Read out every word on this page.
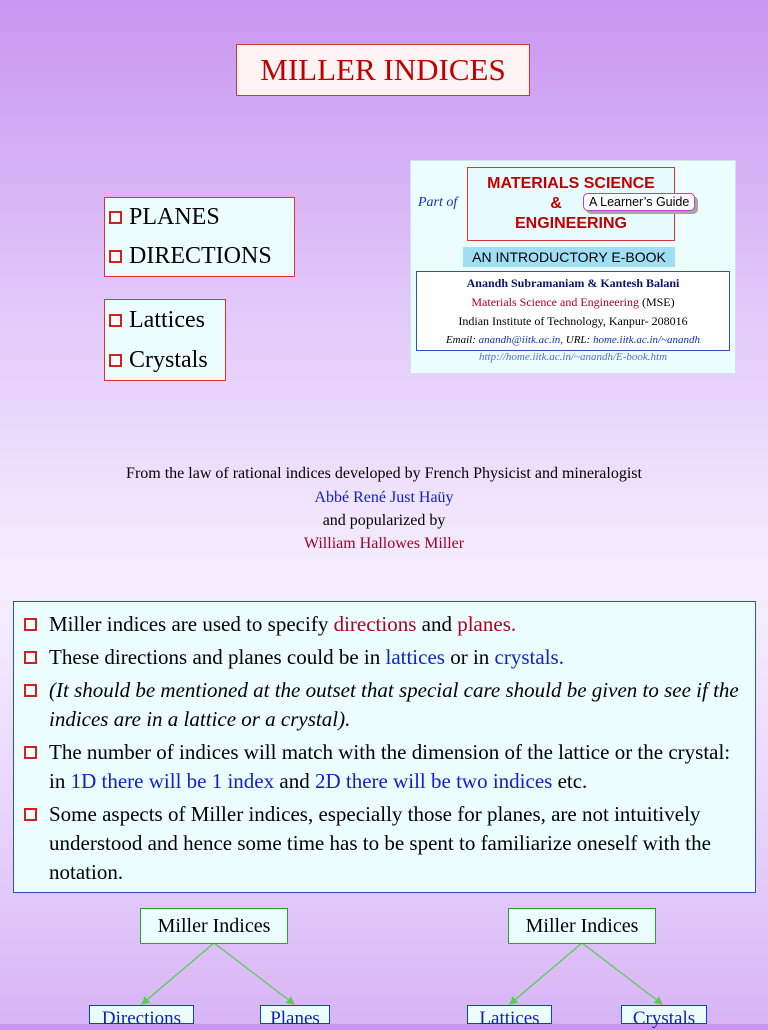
MILLER INDICES
PLANES
DIRECTIONS
Lattices
Crystals
Part of
MATERIALS SCIENCE
&
ENGINEERING
A Learner’s Guide
AN INTRODUCTORY E-BOOK
Anandh Subramaniam & Kantesh Balani
Materials Science and Engineering (MSE)
Indian Institute of Technology, Kanpur- 208016
Email: anandh@iitk.ac.in, URL: home.iitk.ac.in/~anandh
http://home.iitk.ac.in/~anandh/E-book.htm
From the law of rational indices developed by French Physicist and mineralogist
Abbé René Just Haüy
and popularized by
William Hallowes Miller
Miller indices are used to specify directions and planes.
These directions and planes could be in lattices or in crystals.
(It should be mentioned at the outset that special care should be given to see if the indices are in a lattice or a crystal).
The number of indices will match with the dimension of the lattice or the crystal: in 1D there will be 1 index and 2D there will be two indices etc.
Some aspects of Miller indices, especially those for planes, are not intuitively understood and hence some time has to be spent to familiarize oneself with the notation.
Miller Indices
Directions	Planes
Miller Indices
Lattices	Crystals
